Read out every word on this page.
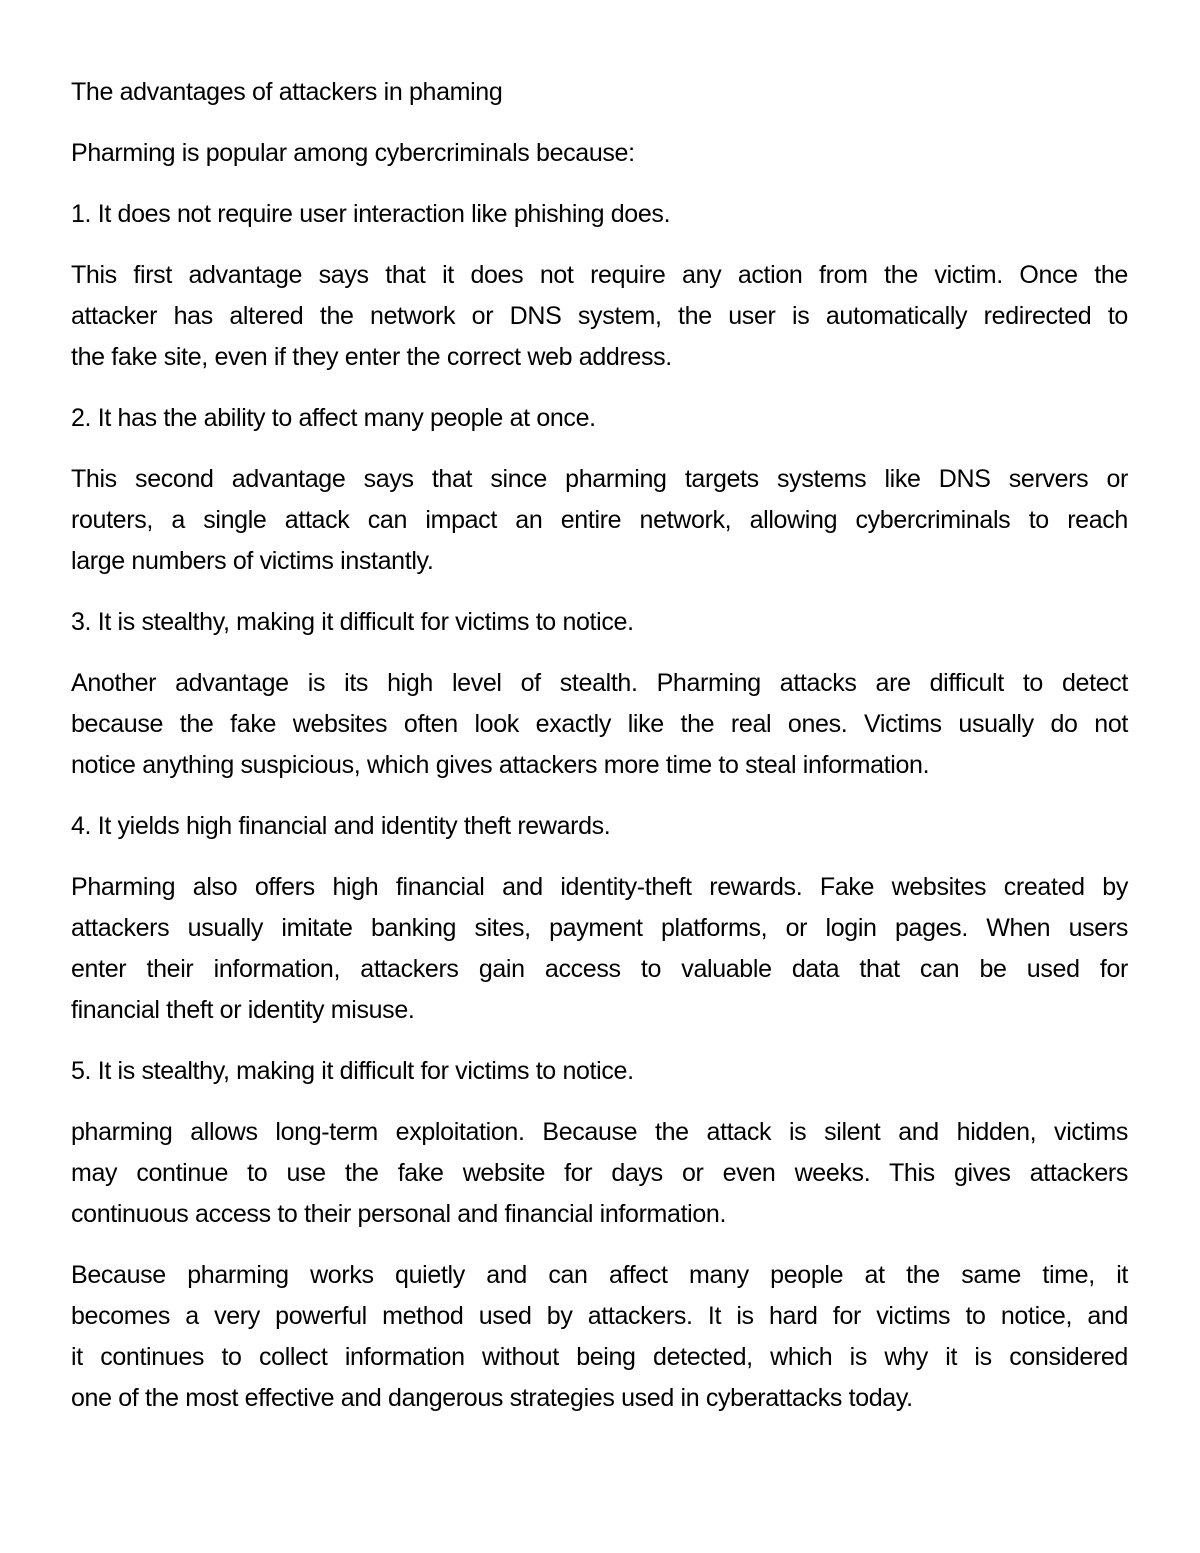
The advantages of attackers in phaming

Pharming is popular among cybercriminals because:

1. It does not require user interaction like phishing does.

This first advantage says that it does not require any action from the victim. Once the
attacker has altered the network or DNS system, the user is automatically redirected to
the fake site, even if they enter the correct web address.

2. It has the ability to affect many people at once.

This second advantage says that since pharming targets systems like DNS servers or
routers, a single attack can impact an entire network, allowing cybercriminals to reach
large numbers of victims instantly.

3. It is stealthy, making it difficult for victims to notice.

Another advantage is its high level of stealth. Pharming attacks are difficult to detect
because the fake websites often look exactly like the real ones. Victims usually do not
notice anything suspicious, which gives attackers more time to steal information.

4. It yields high financial and identity theft rewards.

Pharming also offers high financial and identity-theft rewards. Fake websites created by
attackers usually imitate banking sites, payment platforms, or login pages. When users
enter their information, attackers gain access to valuable data that can be used for
financial theft or identity misuse.

5. It is stealthy, making it difficult for victims to notice.

pharming allows long-term exploitation. Because the attack is silent and hidden, victims
may continue to use the fake website for days or even weeks. This gives attackers
continuous access to their personal and financial information.

Because pharming works quietly and can affect many people at the same time, it
becomes a very powerful method used by attackers. It is hard for victims to notice, and
it continues to collect information without being detected, which is why it is considered
one of the most effective and dangerous strategies used in cyberattacks today.
